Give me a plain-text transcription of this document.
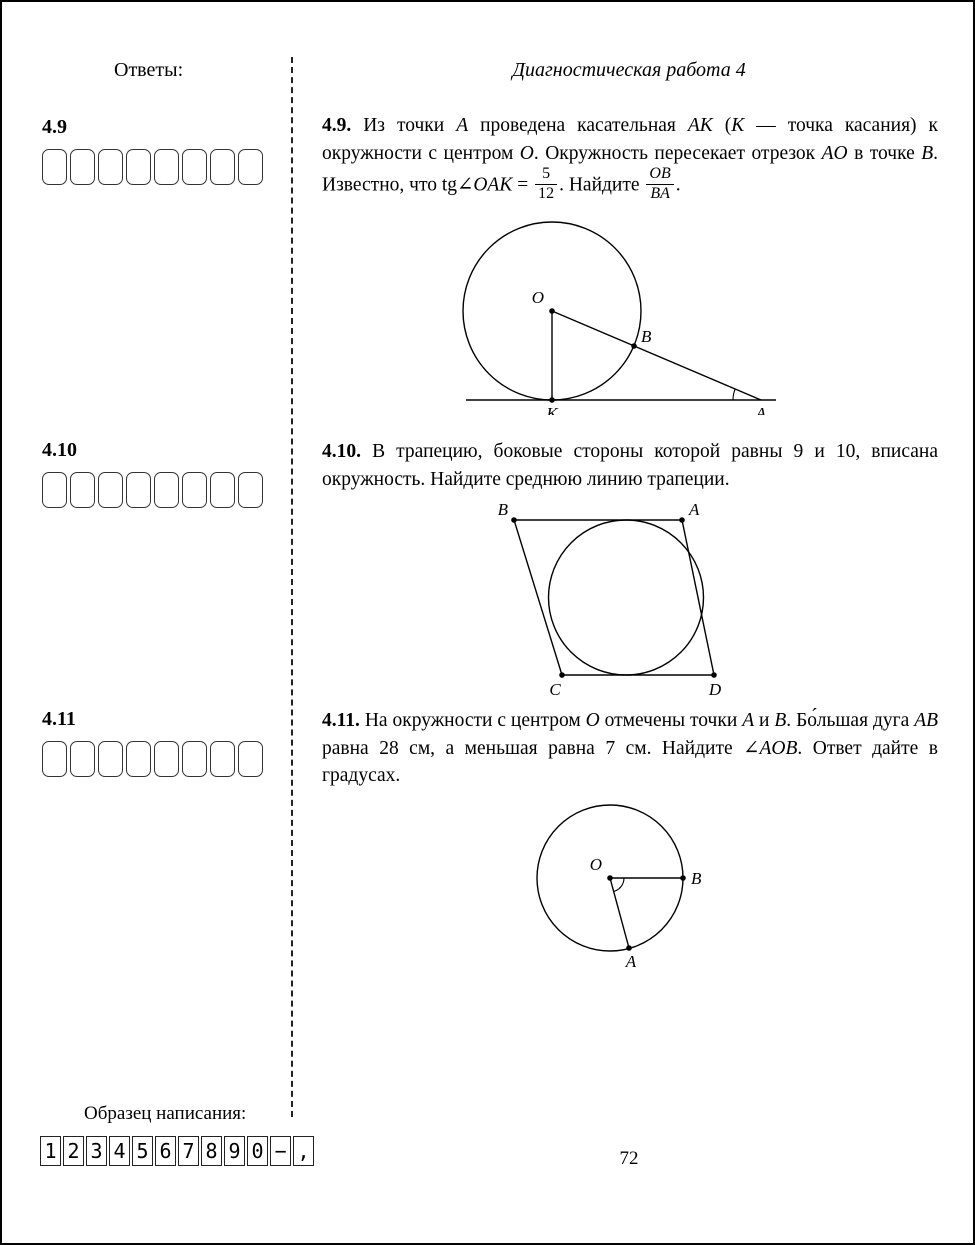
Ответы:	Диагностическая работа 4
4.9
4.10
4.11
4.9. Из точки A проведена касательная AK (K — точка касания) к окружности с центром O. Окружность пересекает отрезок AO в точке B. Известно, что tg∠OAK = $\frac{5}{12}$ . Найдите $\frac{OB}{BA}$ .
O
B
K	A
4.10. В трапецию, боковые стороны которой равны 9 и 10, вписана окружность. Найдите среднюю линию трапеции.
B	A
C	D
4.11. На окружности с центром O отмечены точки A и B. Бо́льшая дуга AB равна 28 см, а меньшая равна 7 см. Найдите ∠AOB. Ответ дайте в градусах.
O
B
A
Образец написания:
1 2 3 4 5 6 7 8 9 0 − ,	72
